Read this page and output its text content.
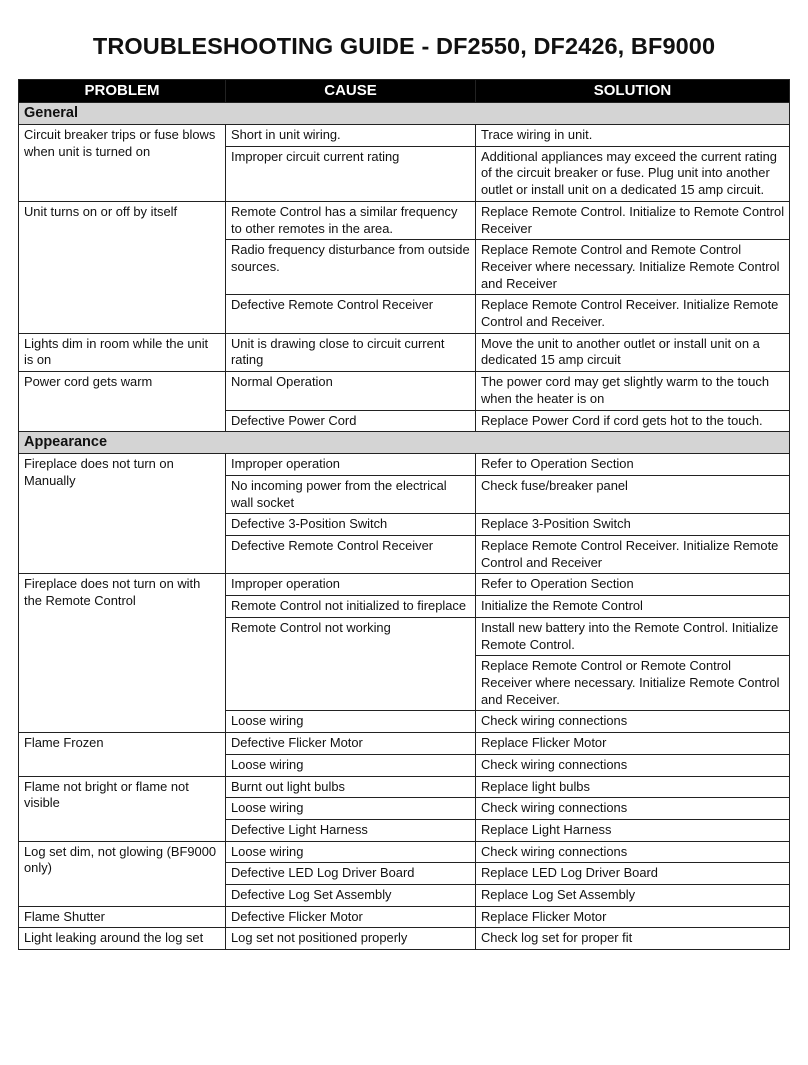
TROUBLESHOOTING GUIDE - DF2550, DF2426, BF9000
PROBLEM	CAUSE	SOLUTION
General		
Circuit breaker trips or fuse blows when unit is turned on	Short in unit wiring.	Trace wiring in unit.
	Improper circuit current rating	Additional appliances may exceed the current rating of the circuit breaker or fuse. Plug unit into another outlet or install unit on a dedicated 15 amp circuit.
Unit turns on or off by itself	Remote Control has a similar frequency to other remotes in the area.	Replace Remote Control. Initialize to Remote Control Receiver
	Radio frequency disturbance from outside sources.	Replace Remote Control and Remote Control Receiver where necessary. Initialize Remote Control and Receiver
	Defective Remote Control Receiver	Replace Remote Control Receiver. Initialize Remote Control and Receiver.
Lights dim in room while the unit is on	Unit is drawing close to circuit current rating	Move the unit to another outlet or install unit on a dedicated 15 amp circuit
Power cord gets warm	Normal Operation	The power cord may get slightly warm to the touch when the heater is on
	Defective Power Cord	Replace Power Cord if cord gets hot to the touch.
Appearance		
Fireplace does not turn on Manually	Improper operation	Refer to Operation Section
	No incoming power from the electrical wall socket	Check fuse/breaker panel
	Defective 3-Position Switch	Replace 3-Position Switch
	Defective Remote Control Receiver	Replace Remote Control Receiver. Initialize Remote Control and Receiver
Fireplace does not turn on with the Remote Control	Improper operation	Refer to Operation Section
	Remote Control not initialized to fireplace	Initialize the Remote Control
	Remote Control not working	Install new battery into the Remote Control. Initialize Remote Control.
		Replace Remote Control or Remote Control Receiver where necessary. Initialize Remote Control and Receiver.
	Loose wiring	Check wiring connections
Flame Frozen	Defective Flicker Motor	Replace Flicker Motor
	Loose wiring	Check wiring connections
Flame not bright or flame not visible	Burnt out light bulbs	Replace light bulbs
	Loose wiring	Check wiring connections
	Defective Light Harness	Replace Light Harness
Log set dim, not glowing (BF9000 only)	Loose wiring	Check wiring connections
	Defective LED Log Driver Board	Replace LED Log Driver Board
	Defective Log Set Assembly	Replace Log Set Assembly
Flame Shutter	Defective Flicker Motor	Replace Flicker Motor
Light leaking around the log set	Log set not positioned properly	Check log set for proper fit
